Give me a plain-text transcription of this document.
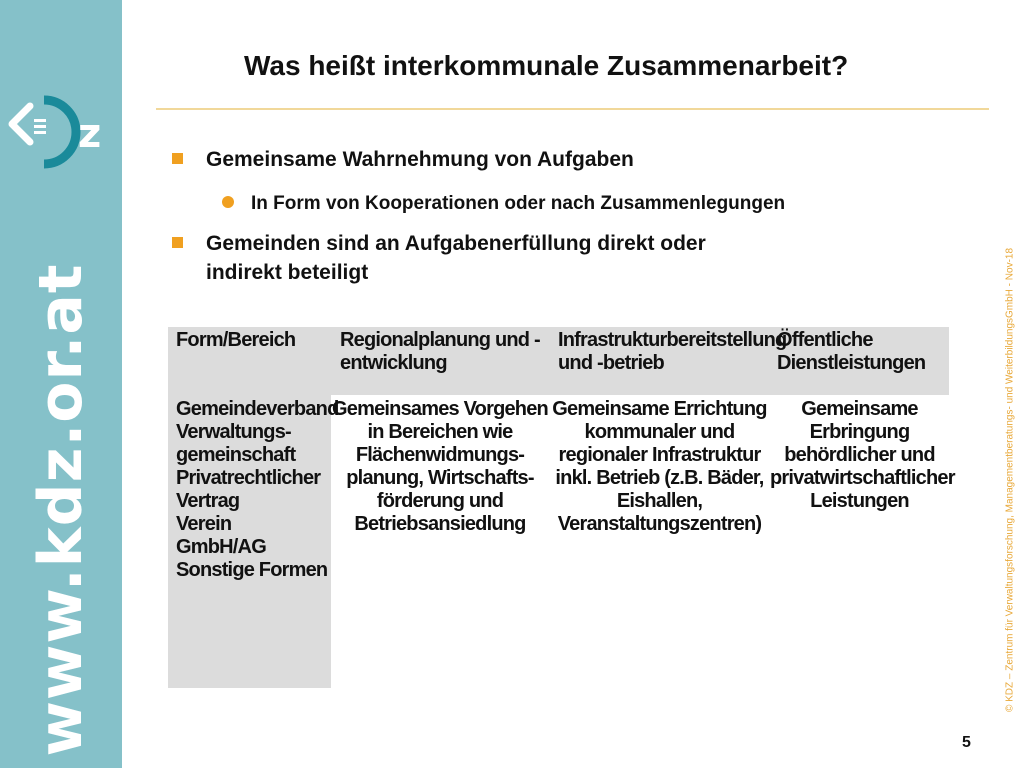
z
www.kdz.or.at
Was heißt interkommunale Zusammenarbeit?
Gemeinsame Wahrnehmung von Aufgaben
In Form von Kooperationen oder nach Zusammenlegungen
Gemeinden sind an Aufgabenerfüllung direkt oder
indirekt beteiligt
Form/Bereich	Regionalplanung und -
entwicklung
Infrastrukturbereitstellung
und -betrieb
Öffentliche
Dienstleistungen
Gemeindeverband
Verwaltungs-
gemeinschaft
Privatrechtlicher
Vertrag
Verein
GmbH/AG
Sonstige Formen
Gemeinsames Vorgehen
in Bereichen wie
Flächenwidmungs-
planung, Wirtschafts-
förderung und
Betriebsansiedlung
Gemeinsame Errichtung
kommunaler und
regionaler Infrastruktur
inkl. Betrieb (z.B. Bäder,
Eishallen,
Veranstaltungszentren)
Gemeinsame
Erbringung
behördlicher und
privatwirtschaftlicher
Leistungen	© KDZ – Zentrum für Verwaltungsforschung, Managementberatungs- und WeiterbildungsGmbH - Nov-18
5
